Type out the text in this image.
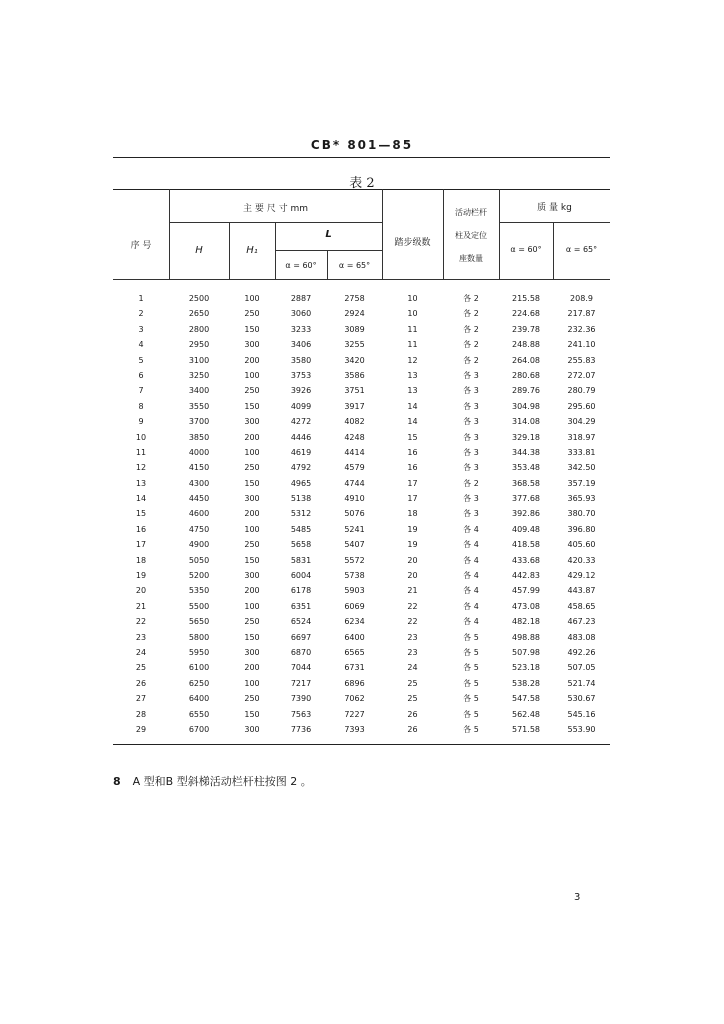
CB* 801—85
表 2
序 号
主 要 尺 寸 mm
H	H₁
L
α = 60°	α = 65°
踏步级数
活动栏杆
柱及定位
座数量
质 量 kg
α = 60°	α = 65°
1	2500	100	2887	2758	10	各 2	215.58	208.9
2	2650	250	3060	2924	10	各 2	224.68	217.87
3	2800	150	3233	3089	11	各 2	239.78	232.36
4	2950	300	3406	3255	11	各 2	248.88	241.10
5	3100	200	3580	3420	12	各 2	264.08	255.83
6	3250	100	3753	3586	13	各 3	280.68	272.07
7	3400	250	3926	3751	13	各 3	289.76	280.79
8	3550	150	4099	3917	14	各 3	304.98	295.60
9	3700	300	4272	4082	14	各 3	314.08	304.29
10	3850	200	4446	4248	15	各 3	329.18	318.97
11	4000	100	4619	4414	16	各 3	344.38	333.81
12	4150	250	4792	4579	16	各 3	353.48	342.50
13	4300	150	4965	4744	17	各 2	368.58	357.19
14	4450	300	5138	4910	17	各 3	377.68	365.93
15	4600	200	5312	5076	18	各 3	392.86	380.70
16	4750	100	5485	5241	19	各 4	409.48	396.80
17	4900	250	5658	5407	19	各 4	418.58	405.60
18	5050	150	5831	5572	20	各 4	433.68	420.33
19	5200	300	6004	5738	20	各 4	442.83	429.12
20	5350	200	6178	5903	21	各 4	457.99	443.87
21	5500	100	6351	6069	22	各 4	473.08	458.65
22	5650	250	6524	6234	22	各 4	482.18	467.23
23	5800	150	6697	6400	23	各 5	498.88	483.08
24	5950	300	6870	6565	23	各 5	507.98	492.26
25	6100	200	7044	6731	24	各 5	523.18	507.05
26	6250	100	7217	6896	25	各 5	538.28	521.74
27	6400	250	7390	7062	25	各 5	547.58	530.67
28	6550	150	7563	7227	26	各 5	562.48	545.16
29	6700	300	7736	7393	26	各 5	571.58	553.90
8 A 型和B 型斜梯活动栏杆柱按图 2 。
3
